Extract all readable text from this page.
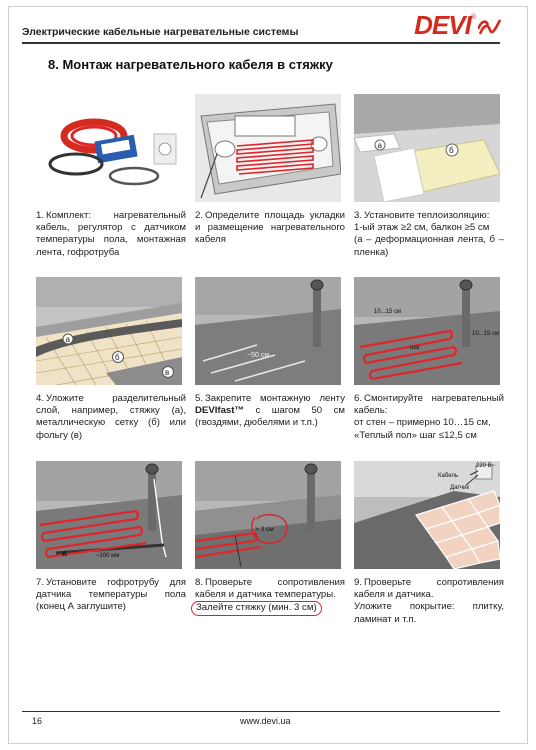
Электрические кабельные нагревательные системы	DEVI ®
8. Монтаж нагревательного кабеля в стяжку

1. Комплект: нагревательный кабель, регулятор с датчиком температуры пола, монтажная лента, гофротруба

2. Определите площадь укладки и размещение нагревательного кабеля

а
б

3. Установите теплоизоляцию:

1-ый этаж ≥2 см, балкон ≥5 см

(а – деформационная лента, б – пленка)

а
б
в

4. Уложите разделительный слой, например, стяжку (а), металлическую сетку (б) или фольгу (в)

~50 см

5. Закрепите монтажную ленту DEVIfast™ с шагом 50 см (гвоздями, дюбелями и т.п.)

10...15 см
10...15 см
шаг

6. Смонтируйте нагревательный кабель:

от стен – примерно 10…15 см,

«Теплый пол» шаг ≤12,5 см

A	~100 мм

7. Установите гофротрубу для датчика температуры пола (конец А заглушите)

> 3 см

8. Проверьте сопротивления кабеля и датчика температуры.

Залейте стяжку (мин. 3 см)

Кабель
220 В~
Датчик

9. Проверьте сопротивления кабеля и датчика.

Уложите покрытие: плитку, ламинат и т.п.

16	www.devi.ua
